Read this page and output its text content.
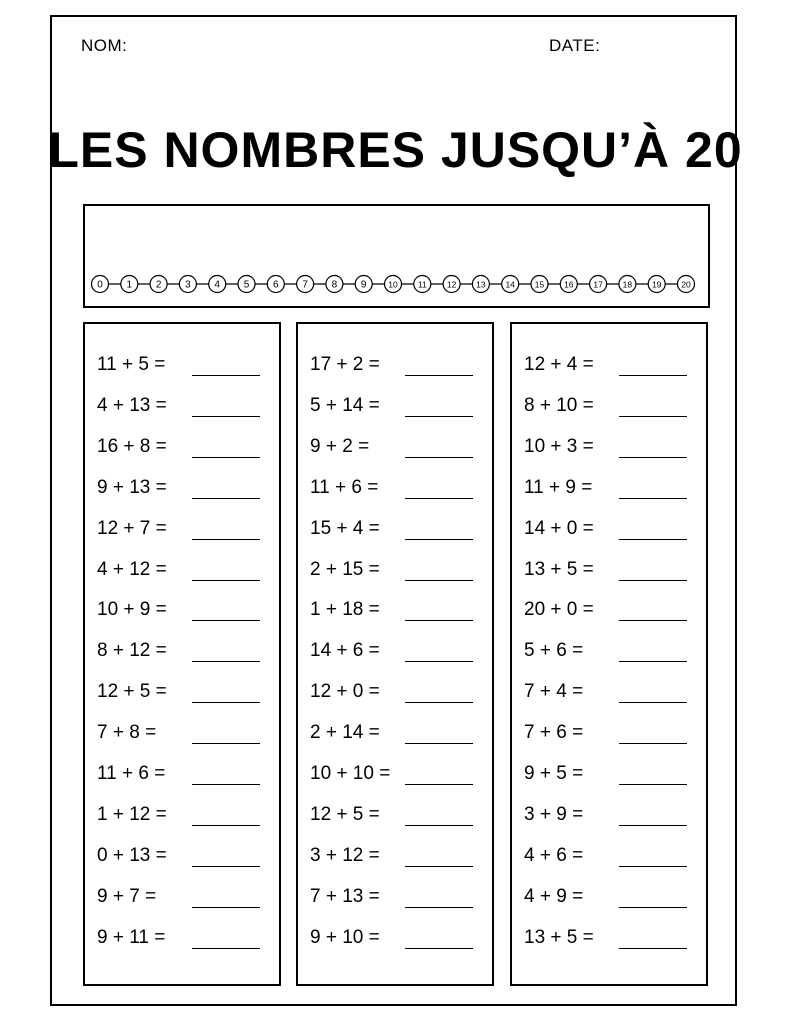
NOM:	DATE:
LES NOMBRES JUSQU’À 20
0 1 2 3 4 5 6 7 8 9	10 11 12 13 14 15 16 17 18 19 20
11 + 5 =
4 + 13 =
16 + 8 =
9 + 13 =
12 + 7 =
4 + 12 =
10 + 9 =
8 + 12 =
12 + 5 =
7 + 8 =
11 + 6 =
1 + 12 =
0 + 13 =
9 + 7 =
9 + 11 =
17 + 2 =
5 + 14 =
9 + 2 =
11 + 6 =
15 + 4 =
2 + 15 =
1 + 18 =
14 + 6 =
12 + 0 =
2 + 14 =
10 + 10 =
12 + 5 =
3 + 12 =
7 + 13 =
9 + 10 =
12 + 4 =
8 + 10 =
10 + 3 =
11 + 9 =
14 + 0 =
13 + 5 =
20 + 0 =
5 + 6 =
7 + 4 =
7 + 6 =
9 + 5 =
3 + 9 =
4 + 6 =
4 + 9 =
13 + 5 =
